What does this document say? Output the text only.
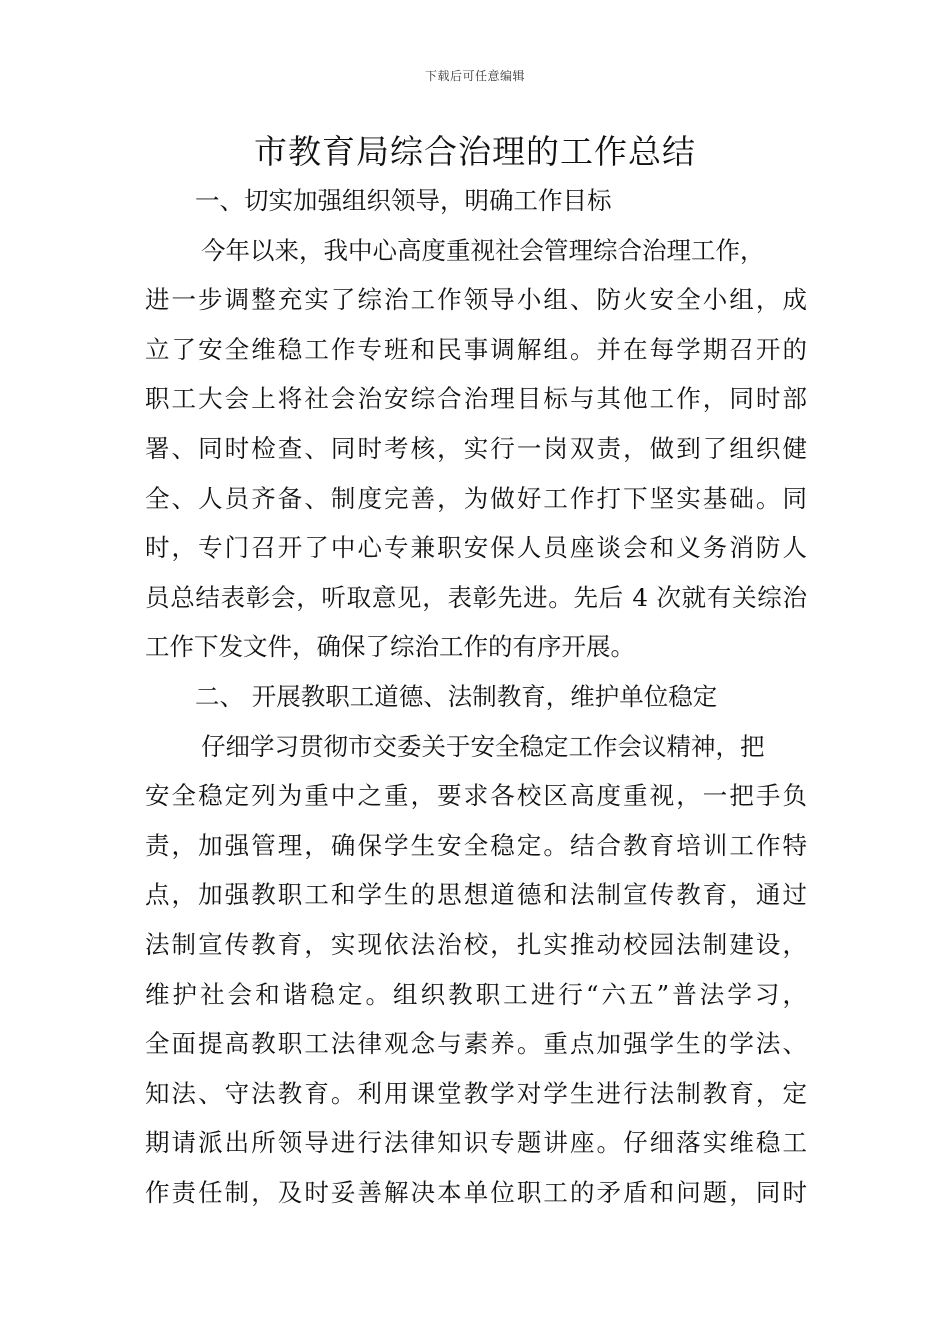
下载后可任意编辑
市教育局综合治理的工作总结
一、切实加强组织领导，明确工作目标
今年以来，我中心高度重视社会管理综合治理工作，
进一步调整充实了综治工作领导小组、防火安全小组，成
立了安全维稳工作专班和民事调解组。并在每学期召开的
职工大会上将社会治安综合治理目标与其他工作，同时部
署、同时检查、同时考核，实行一岗双责，做到了组织健
全、人员齐备、制度完善，为做好工作打下坚实基础。同
时，专门召开了中心专兼职安保人员座谈会和义务消防人
员总结表彰会，听取意见，表彰先进。先后 4 次就有关综治
工作下发文件，确保了综治工作的有序开展。
二、 开展教职工道德、法制教育，维护单位稳定
仔细学习贯彻市交委关于安全稳定工作会议精神，把
安全稳定列为重中之重，要求各校区高度重视，一把手负
责，加强管理，确保学生安全稳定。结合教育培训工作特
点，加强教职工和学生的思想道德和法制宣传教育，通过
法制宣传教育，实现依法治校，扎实推动校园法制建设，
维护社会和谐稳定。组织教职工进行“六五”普法学习，
全面提高教职工法律观念与素养。重点加强学生的学法、
知法、守法教育。利用课堂教学对学生进行法制教育，定
期请派出所领导进行法律知识专题讲座。仔细落实维稳工
作责任制，及时妥善解决本单位职工的矛盾和问题，同时
